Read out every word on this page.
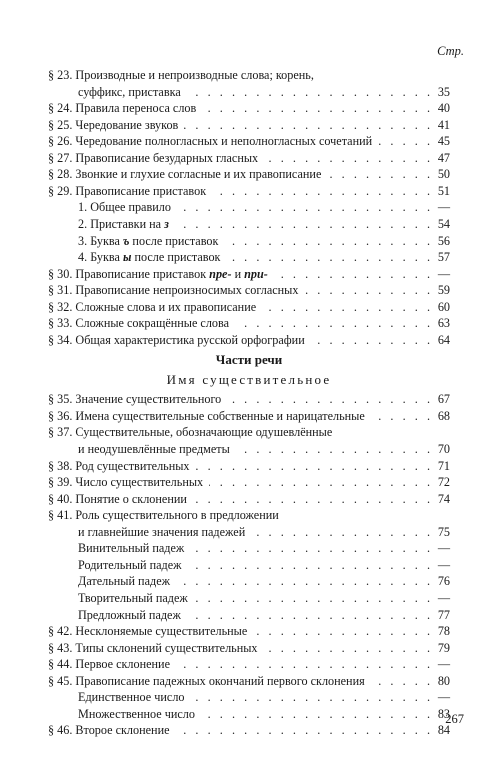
Стр.
§ 23. Производные и непроизводные слова; корень,
суффикс, приставка .   .	35
§ 24. Правила переноса слов .   .	40
§ 25. Чередование звуков .   .	41
§ 26. Чередование полногласных и неполногласных сочетаний .   .	45
§ 27. Правописание безударных гласных .   .	47
§ 28. Звонкие и глухие согласные и их правописание .   .	50
§ 29. Правописание приставок .   .	51
1. Общее правило .   .	—
2. Приставки на з .   .	54
3. Буква ъ после приставок .   .	56
4. Буква ы после приставок .   .	57
§ 30. Правописание приставок пре- и при- .   .	—
§ 31. Правописание непроизносимых согласных .   .	59
§ 32. Сложные слова и их правописание .   .	60
§ 33. Сложные сокращённые слова .   .	63
§ 34. Общая характеристика русской орфографии .   .	64
§ 35. Значение существительного .   .	67
§ 36. Имена существительные собственные и нарицательные .   .	68
§ 37. Существительные, обозначающие одушевлённые
и неодушевлённые предметы .   .	70
§ 38. Род существительных .   .	71
§ 39. Число существительных .   .	72
§ 40. Понятие о склонении .   .	74
§ 41. Роль существительного в предложении
и главнейшие значения падежей .   .	75
Винительный падеж .   .	—
Родительный падеж .   .	—
Дательный падеж .   .	76
Творительный падеж .   .	—
Предложный падеж .   .	77
§ 42. Несклоняемые существительные .   .	78
§ 43. Типы склонений существительных .   .	79
§ 44. Первое склонение .   .	—
§ 45. Правописание падежных окончаний первого склонения .   .	80
Единственное число .   .	—
Множественное число .   .	83
§ 46. Второе склонение .   .	84
Части речи
Имя существительное
267
